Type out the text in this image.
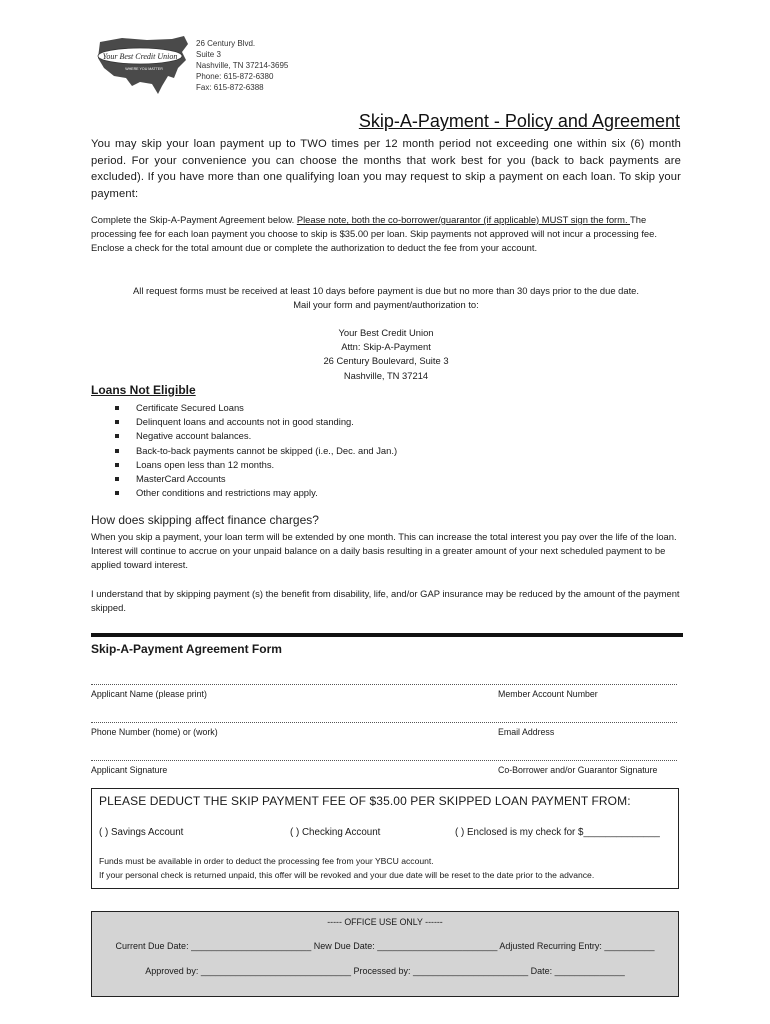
Your Best Credit Union
WHERE YOU MATTER
26 Century Blvd.
Suite 3
Nashville, TN 37214-3695
Phone: 615-872-6380
Fax: 615-872-6388
Skip-A-Payment - Policy and Agreement

You may skip your loan payment up to TWO times per 12 month period not exceeding one within six (6) month period. For your convenience you can choose the months that work best for you (back to back payments are excluded). If you have more than one qualifying loan you may request to skip a payment on each loan. To skip your payment:

Complete the Skip-A-Payment Agreement below. Please note, both the co-borrower/guarantor (if applicable) MUST sign the form. The processing fee for each loan payment you choose to skip is $35.00 per loan. Skip payments not approved will not incur a processing fee. Enclose a check for the total amount due or complete the authorization to deduct the fee from your account.

All request forms must be received at least 10 days before payment is due but no more than 30 days prior to the due date.
Mail your form and payment/authorization to:
Your Best Credit Union
Attn: Skip-A-Payment
26 Century Boulevard, Suite 3
Nashville, TN 37214
Loans Not Eligible
Certificate Secured Loans
Delinquent loans and accounts not in good standing.
Negative account balances.
Back-to-back payments cannot be skipped (i.e., Dec. and Jan.)
Loans open less than 12 months.
MasterCard Accounts
Other conditions and restrictions may apply.
How does skipping affect finance charges?

When you skip a payment, your loan term will be extended by one month. This can increase the total interest you pay over the life of the loan. Interest will continue to accrue on your unpaid balance on a daily basis resulting in a greater amount of your next scheduled payment to be applied toward interest.

I understand that by skipping payment (s) the benefit from disability, life, and/or GAP insurance may be reduced by the amount of the payment skipped.

Skip-A-Payment Agreement Form
Applicant Name (please print)	Member Account Number
Phone Number (home) or (work)	Email Address
Applicant Signature	Co-Borrower and/or Guarantor Signature
PLEASE DEDUCT THE SKIP PAYMENT FEE OF $35.00 PER SKIPPED LOAN PAYMENT FROM:
( ) Savings Account	( ) Checking Account	( ) Enclosed is my check for $______________
Funds must be available in order to deduct the processing fee from your YBCU account.
If your personal check is returned unpaid, this offer will be revoked and your due date will be reset to the date prior to the advance.
----- OFFICE USE ONLY ------
Current Due Date: ________________________ New Due Date: ________________________ Adjusted Recurring Entry: __________
Approved by: ______________________________ Processed by: _______________________ Date: ______________
